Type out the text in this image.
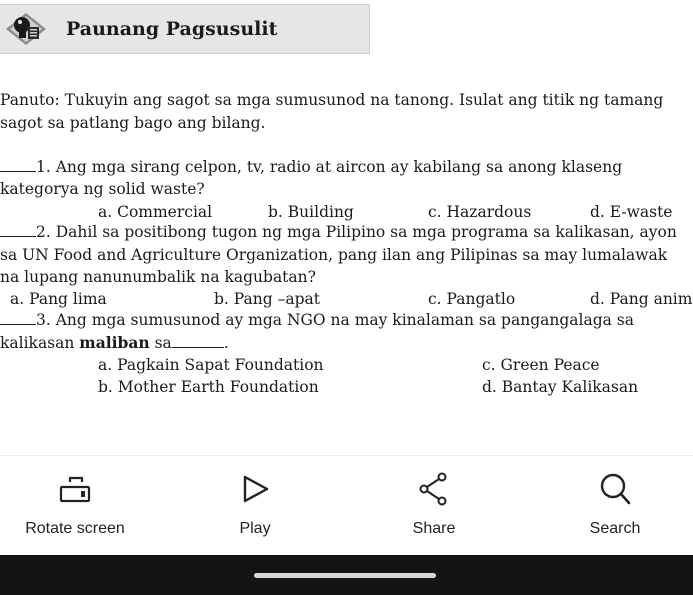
Paunang Pagsusulit
Panuto: Tukuyin ang sagot sa mga sumusunod na tanong. Isulat ang titik ng tamang
sagot sa patlang bago ang bilang.
1. Ang mga sirang celpon, tv, radio at aircon ay kabilang sa anong klaseng
kategorya ng solid waste?
a. Commercial	b. Building	c. Hazardous	d. E-waste
2. Dahil sa positibong tugon ng mga Pilipino sa mga programa sa kalikasan, ayon
sa UN Food and Agriculture Organization, pang ilan ang Pilipinas sa may lumalawak
na lupang nanunumbalik na kagubatan?
a. Pang lima	b. Pang –apat	c. Pangatlo	d. Pang anim
3. Ang mga sumusunod ay mga NGO na may kinalaman sa pangangalaga sa
kalikasan maliban sa	.
a. Pagkain Sapat Foundation	c. Green Peace
b. Mother Earth Foundation	d. Bantay Kalikasan
Rotate screen	Play	Share	Search
